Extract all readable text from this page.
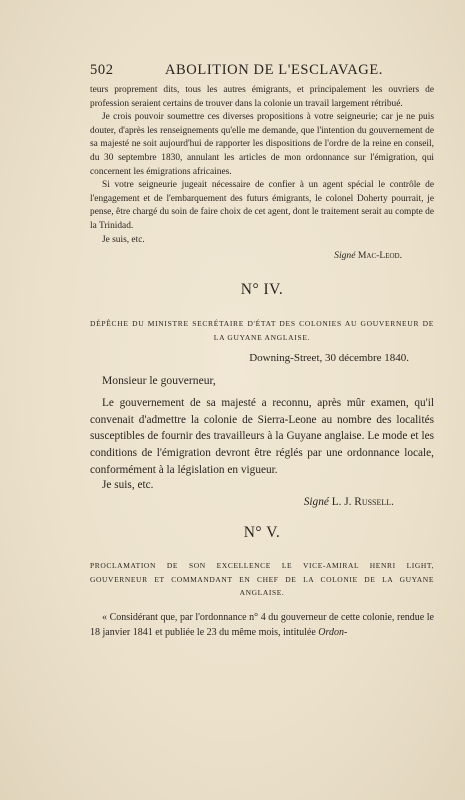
502	ABOLITION DE L'ESCLAVAGE.

teurs proprement dits, tous les autres émigrants, et principalement les ouvriers de profession seraient certains de trouver dans la colonie un travail largement rétribué.

Je crois pouvoir soumettre ces diverses propositions à votre seigneurie; car je ne puis douter, d'après les renseignements qu'elle me demande, que l'intention du gouvernement de sa majesté ne soit aujourd'hui de rapporter les dispositions de l'ordre de la reine en conseil, du 30 septembre 1830, annulant les articles de mon ordonnance sur l'émigration, qui concernent les émigrations africaines.

Si votre seigneurie jugeait nécessaire de confier à un agent spécial le contrôle de l'engagement et de l'embarquement des futurs émigrants, le colonel Doherty pourrait, je pense, être chargé du soin de faire choix de cet agent, dont le traitement serait au compte de la Trinidad.

Je suis, etc.

Signé Mac-Leod.

N° IV.

DÉPÊCHE DU MINISTRE SECRÉTAIRE D'ÉTAT DES COLONIES AU GOUVERNEUR DE LA GUYANE ANGLAISE.

Downing-Street, 30 décembre 1840.

Monsieur le gouverneur,

Le gouvernement de sa majesté a reconnu, après mûr examen, qu'il convenait d'admettre la colonie de Sierra-Leone au nombre des localités susceptibles de fournir des travailleurs à la Guyane anglaise. Le mode et les conditions de l'émigration devront être réglés par une ordonnance locale, conformément à la législation en vigueur.

Je suis, etc.

Signé L. J. Russell.

N° V.

PROCLAMATION DE SON EXCELLENCE LE VICE-AMIRAL HENRI LIGHT, GOUVERNEUR ET COMMANDANT EN CHEF DE LA COLONIE DE LA GUYANE ANGLAISE.

« Considérant que, par l'ordonnance n° 4 du gouverneur de cette colonie, rendue le 18 janvier 1841 et publiée le 23 du même mois, intitulée Ordon-
